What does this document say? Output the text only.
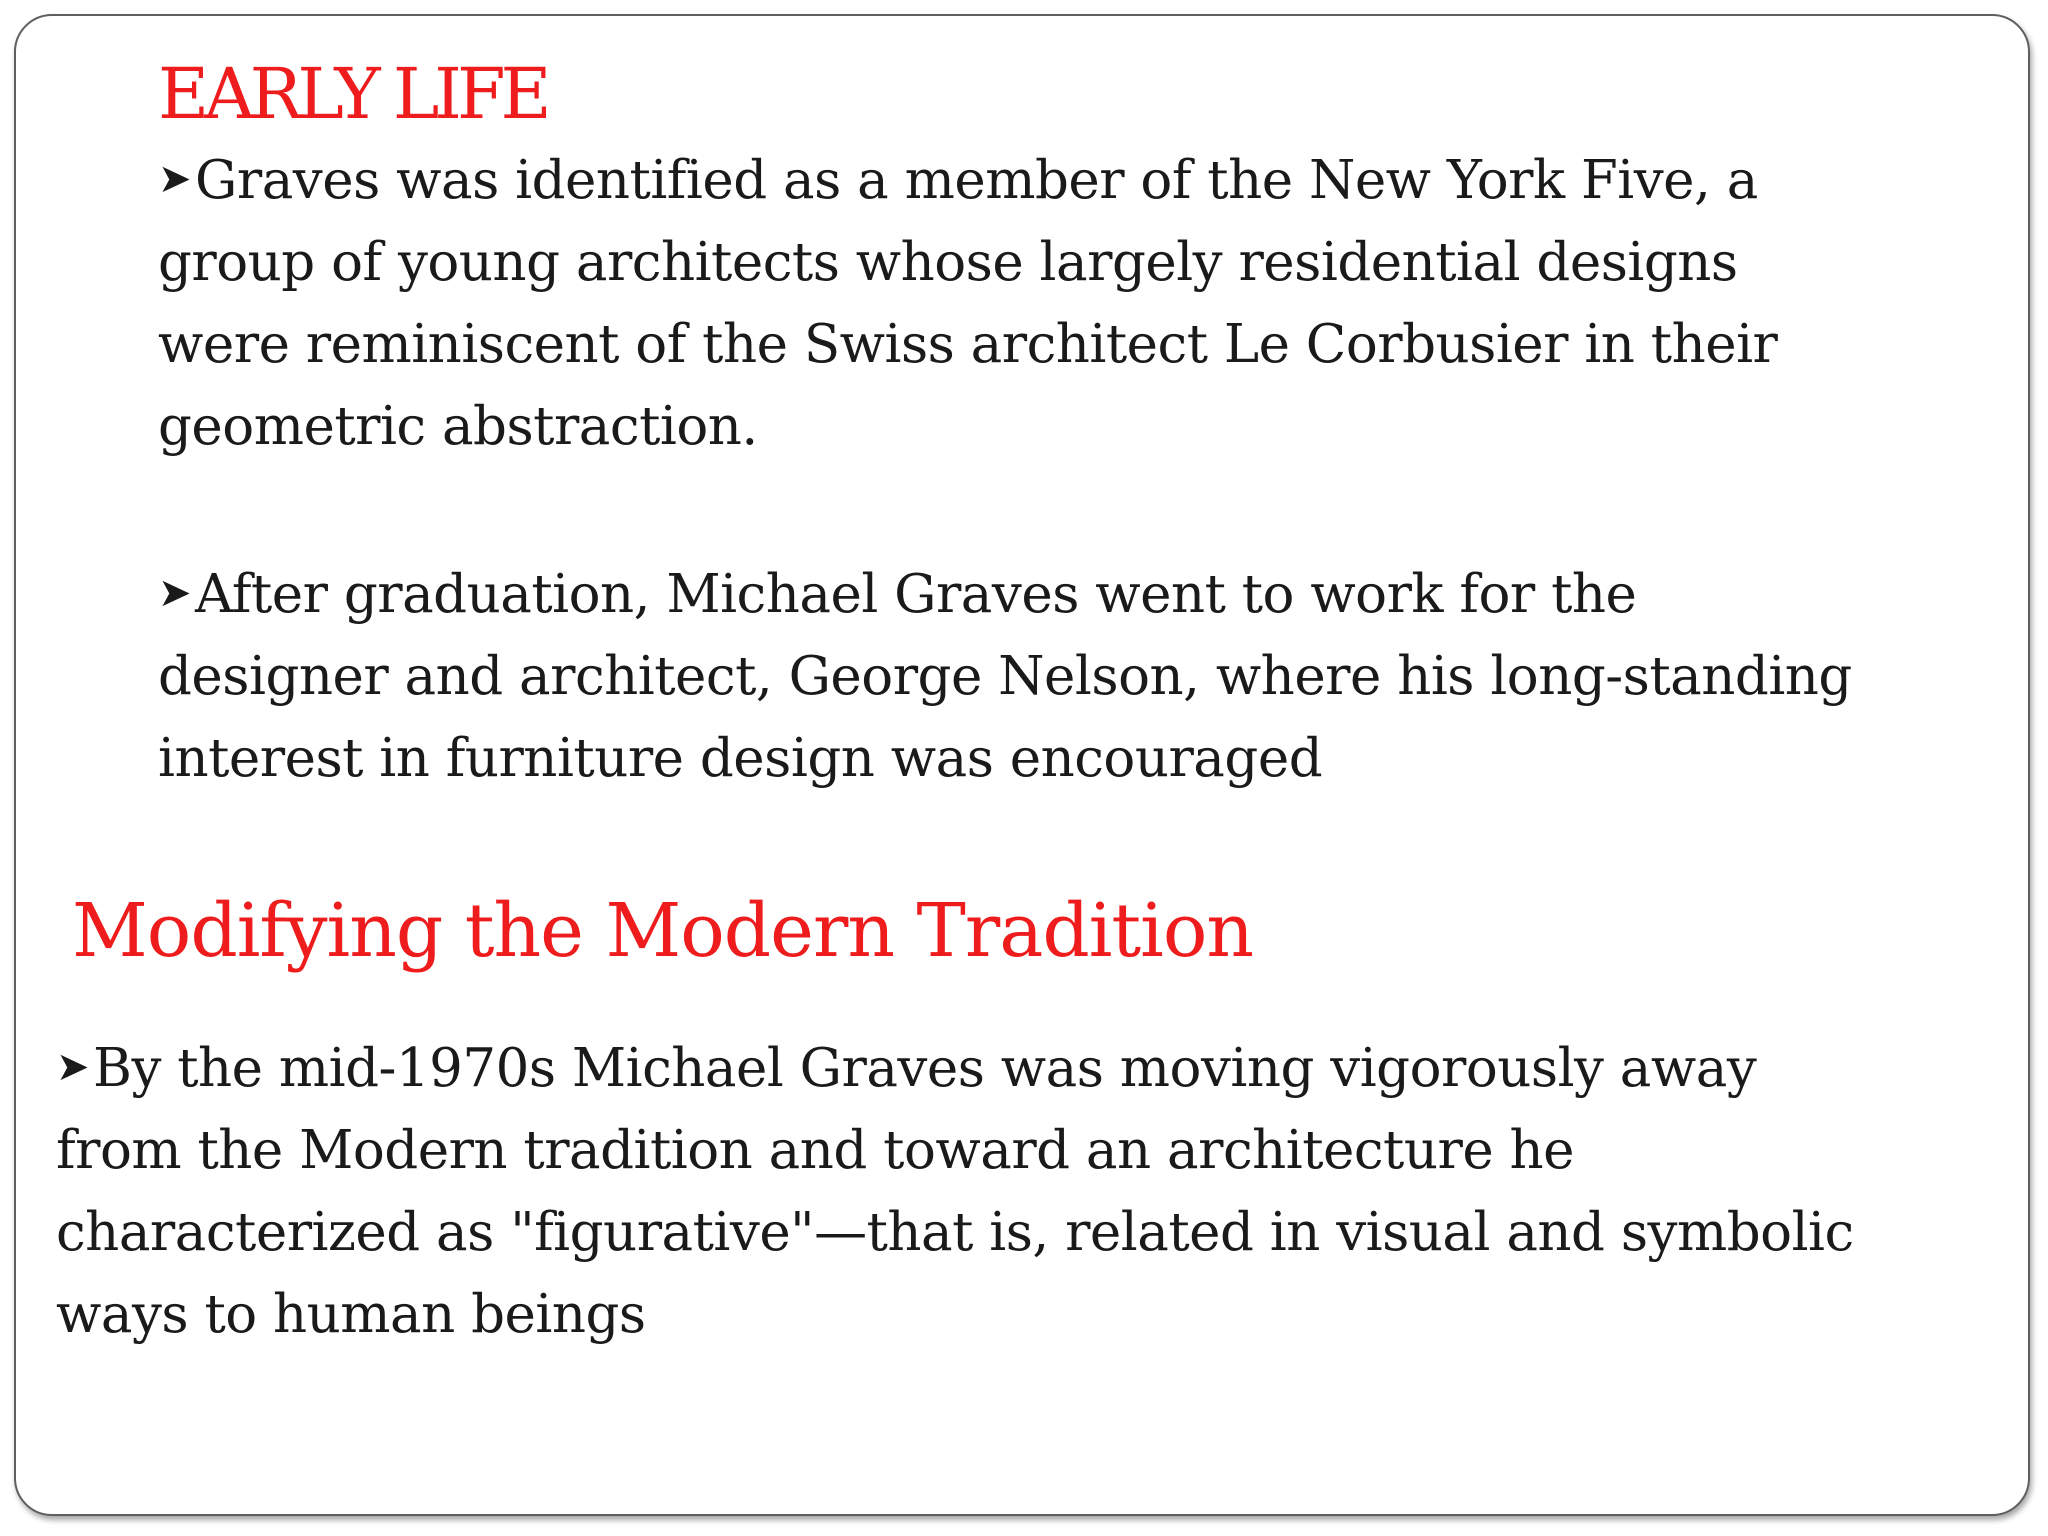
EARLY LIFE

➤Graves was identified as a member of the New York Five, a group of young architects whose largely residential designs were reminiscent of the Swiss architect Le Corbusier in their geometric abstraction.

➤After graduation, Michael Graves went to work for the designer and architect, George Nelson, where his long-standing interest in furniture design was encouraged

Modifying the Modern Tradition

➤By the mid-1970s Michael Graves was moving vigorously away from the Modern tradition and toward an architecture he characterized as "figurative"—that is, related in visual and symbolic ways to human beings
